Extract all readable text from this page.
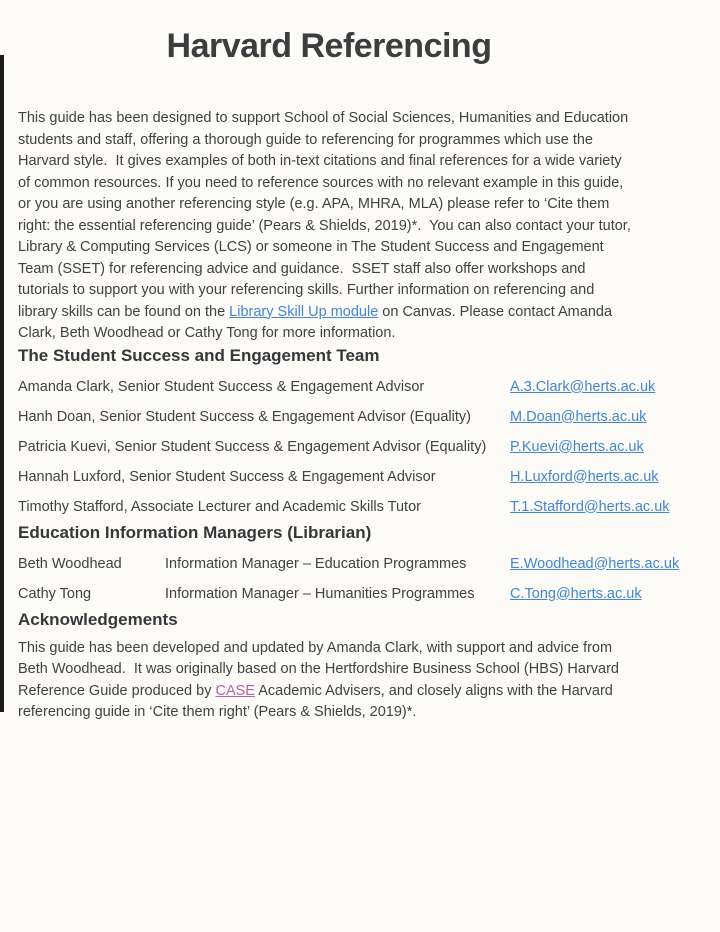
Harvard Referencing

This guide has been designed to support School of Social Sciences, Humanities and Education
students and staff, offering a thorough guide to referencing for programmes which use the
Harvard style.  It gives examples of both in-text citations and final references for a wide variety
of common resources. If you need to reference sources with no relevant example in this guide,
or you are using another referencing style (e.g. APA, MHRA, MLA) please refer to ‘Cite them
right: the essential referencing guide’ (Pears & Shields, 2019)*.  You can also contact your tutor,
Library & Computing Services (LCS) or someone in The Student Success and Engagement
Team (SSET) for referencing advice and guidance.  SSET staff also offer workshops and
tutorials to support you with your referencing skills. Further information on referencing and
library skills can be found on the Library Skill Up module on Canvas. Please contact Amanda
Clark, Beth Woodhead or Cathy Tong for more information.

The Student Success and Engagement Team
Amanda Clark, Senior Student Success & Engagement Advisor	A.3.Clark@herts.ac.uk
Hanh Doan, Senior Student Success & Engagement Advisor (Equality)	M.Doan@herts.ac.uk
Patricia Kuevi, Senior Student Success & Engagement Advisor (Equality) P.Kuevi@herts.ac.uk
Hannah Luxford, Senior Student Success & Engagement Advisor	H.Luxford@herts.ac.uk
Timothy Stafford, Associate Lecturer and Academic Skills Tutor	T.1.Stafford@herts.ac.uk
Education Information Managers (Librarian)
Beth Woodhead	Information Manager – Education Programmes	E.Woodhead@herts.ac.uk
Cathy Tong	Information Manager – Humanities Programmes C.Tong@herts.ac.uk
Acknowledgements

This guide has been developed and updated by Amanda Clark, with support and advice from
Beth Woodhead.  It was originally based on the Hertfordshire Business School (HBS) Harvard
Reference Guide produced by CASE Academic Advisers, and closely aligns with the Harvard
referencing guide in ‘Cite them right’ (Pears & Shields, 2019)*.
